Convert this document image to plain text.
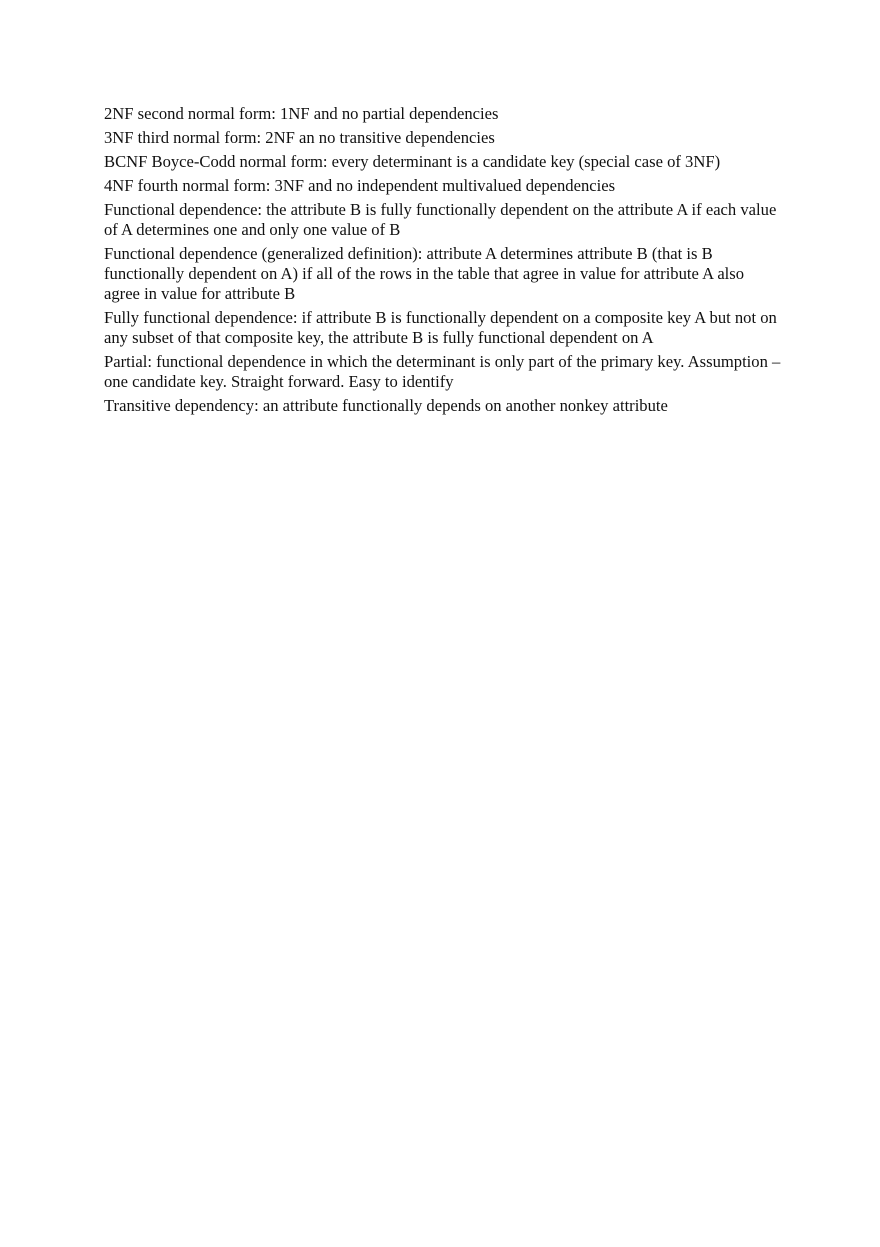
2NF second normal form: 1NF and no partial dependencies

3NF third normal form: 2NF an no transitive dependencies

BCNF Boyce-Codd normal form: every determinant is a candidate key (special case of 3NF)

4NF fourth normal form: 3NF and no independent multivalued dependencies

Functional dependence: the attribute B is fully functionally dependent on the attribute A if each value of A determines one and only one value of B

Functional dependence (generalized definition): attribute A determines attribute B (that is B functionally dependent on A) if all of the rows in the table that agree in value for attribute A also agree in value for attribute B

Fully functional dependence: if attribute B is functionally dependent on a composite key A but not on any subset of that composite key, the attribute B is fully functional dependent on A

Partial: functional dependence in which the determinant is only part of the primary key. Assumption – one candidate key. Straight forward. Easy to identify

Transitive dependency: an attribute functionally depends on another nonkey attribute
